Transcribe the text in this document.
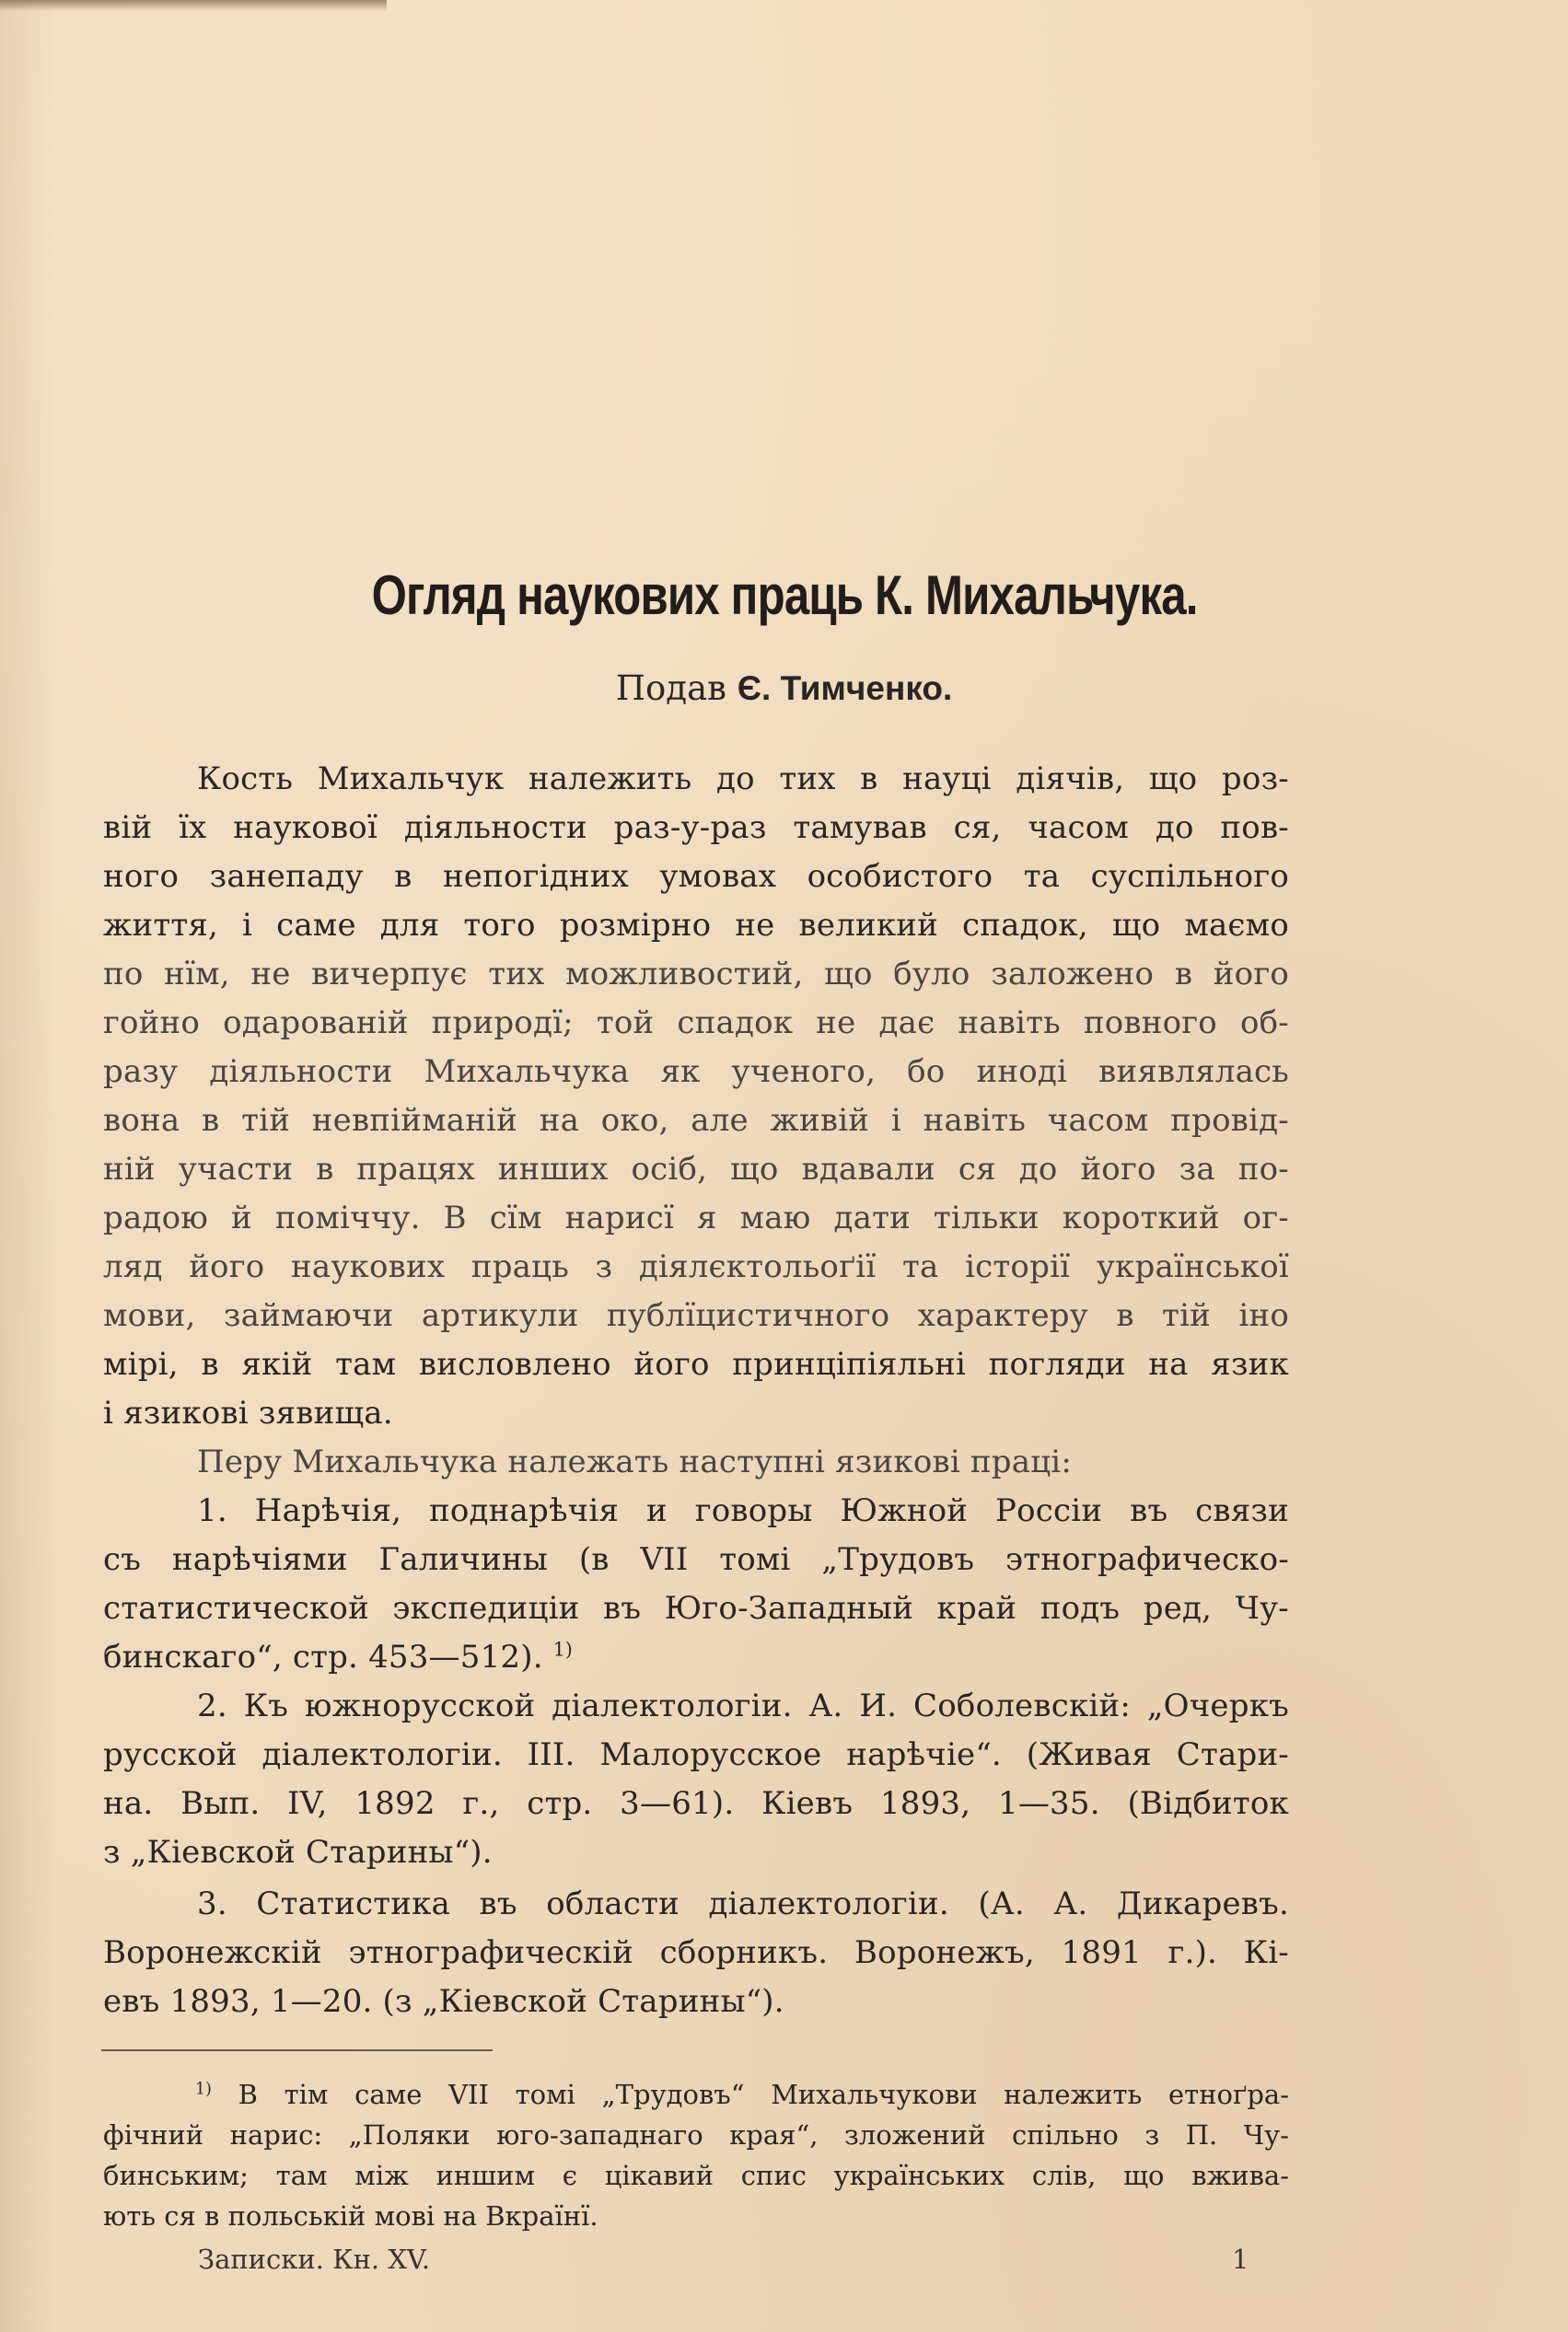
Огляд наукових праць К. Михальчука.
Подав Є. Тимченко.
Кость Михальчук належить до тих в науці діячів, що роз-
вій їх наукової діяльности раз-у-раз тамував ся, часом до пов-
ного занепаду в непогідних умовах особистого та суспільного
життя, і саме для того розмірно не великий спадок, що маємо
по нїм, не вичерпує тих можливостий, що було заложено в його
гойно одарованій природї; той спадок не дає навіть повного об-
разу діяльности Михальчука як ученого, бо иноді виявлялась
вона в тій невпійманій на око, але живій і навіть часом провід-
ній участи в працях инших осіб, що вдавали ся до його за по-
радою й поміччу. В сїм нарисї я маю дати тільки короткий ог-
ляд його наукових праць з діялєктольоґії та історії української
мови, займаючи артикули публїцистичного характеру в тій іно
мірі, в якій там висловлено його принціпіяльні погляди на язик
і язикові зявища.
Перу Михальчука належать наступні язикові праці:
1. Нарѣчія, поднарѣчія и говоры Южной Россіи въ связи
съ нарѣчіями Галичины (в VII томі „Трудовъ этнографическо-
статистической экспедиціи въ Юго-Западный край подъ ред, Чу-
бинскаго“, стр. 453—512). $^{1)}$
2. Къ южнорусской діалектологіи. А. И. Соболевскій: „Очеркъ
русской діалектологіи. III. Малорусское нарѣчіе“. (Живая Стари-
на. Вып. IV, 1892 г., стр. 3—61). Кіевъ 1893, 1—35. (Відбиток
з „Кіевской Старины“).
3. Статистика въ области діалектологіи. (А. А. Дикаревъ.
Воронежскій этнографическій сборникъ. Воронежъ, 1891 г.). Кі-
евъ 1893, 1—20. (з „Кіевской Старины“).
$^{1)}$ В тім саме VII томі „Трудовъ“ Михальчукови належить етноґра-
фічний нарис: „Поляки юго-западнаго края“, зложений спільно з П. Чу-
бинським; там між иншим є цікавий спис українських слів, що вжива-
ють ся в польській мові на Вкраїнї.
Записки. Кн. XV.	1
